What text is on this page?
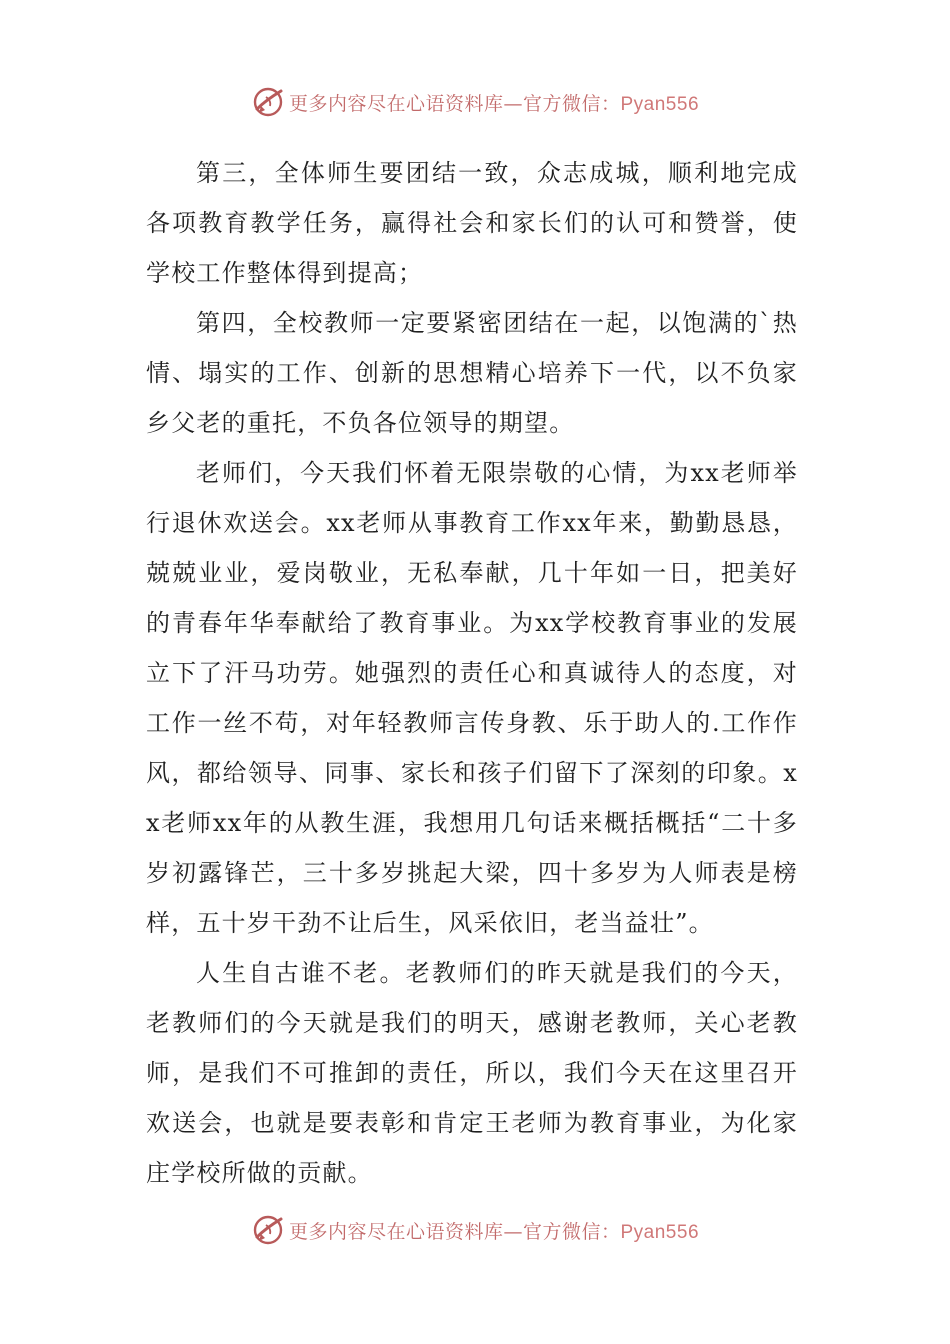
更多内容尽在心语资料库—官方微信：Pyan556

第三，全体师生要团结一致，众志成城，顺利地完成各项教育教学任务，赢得社会和家长们的认可和赞誉，使学校工作整体得到提高；

第四，全校教师一定要紧密团结在一起，以饱满的`热情、塌实的工作、创新的思想精心培养下一代，以不负家乡父老的重托，不负各位领导的期望。

老师们，今天我们怀着无限崇敬的心情，为xx老师举行退休欢送会。xx老师从事教育工作xx年来，勤勤恳恳，兢兢业业，爱岗敬业，无私奉献，几十年如一日，把美好的青春年华奉献给了教育事业。为xx学校教育事业的发展立下了汗马功劳。她强烈的责任心和真诚待人的态度，对工作一丝不苟，对年轻教师言传身教、乐于助人的.工作作风，都给领导、同事、家长和孩子们留下了深刻的印象。xx老师xx年的从教生涯，我想用几句话来概括概括“二十多岁初露锋芒，三十多岁挑起大梁，四十多岁为人师表是榜样，五十岁干劲不让后生，风采依旧，老当益壮”。

人生自古谁不老。老教师们的昨天就是我们的今天，老教师们的今天就是我们的明天，感谢老教师，关心老教师，是我们不可推卸的责任，所以，我们今天在这里召开欢送会，也就是要表彰和肯定王老师为教育事业，为化家庄学校所做的贡献。

更多内容尽在心语资料库—官方微信：Pyan556
